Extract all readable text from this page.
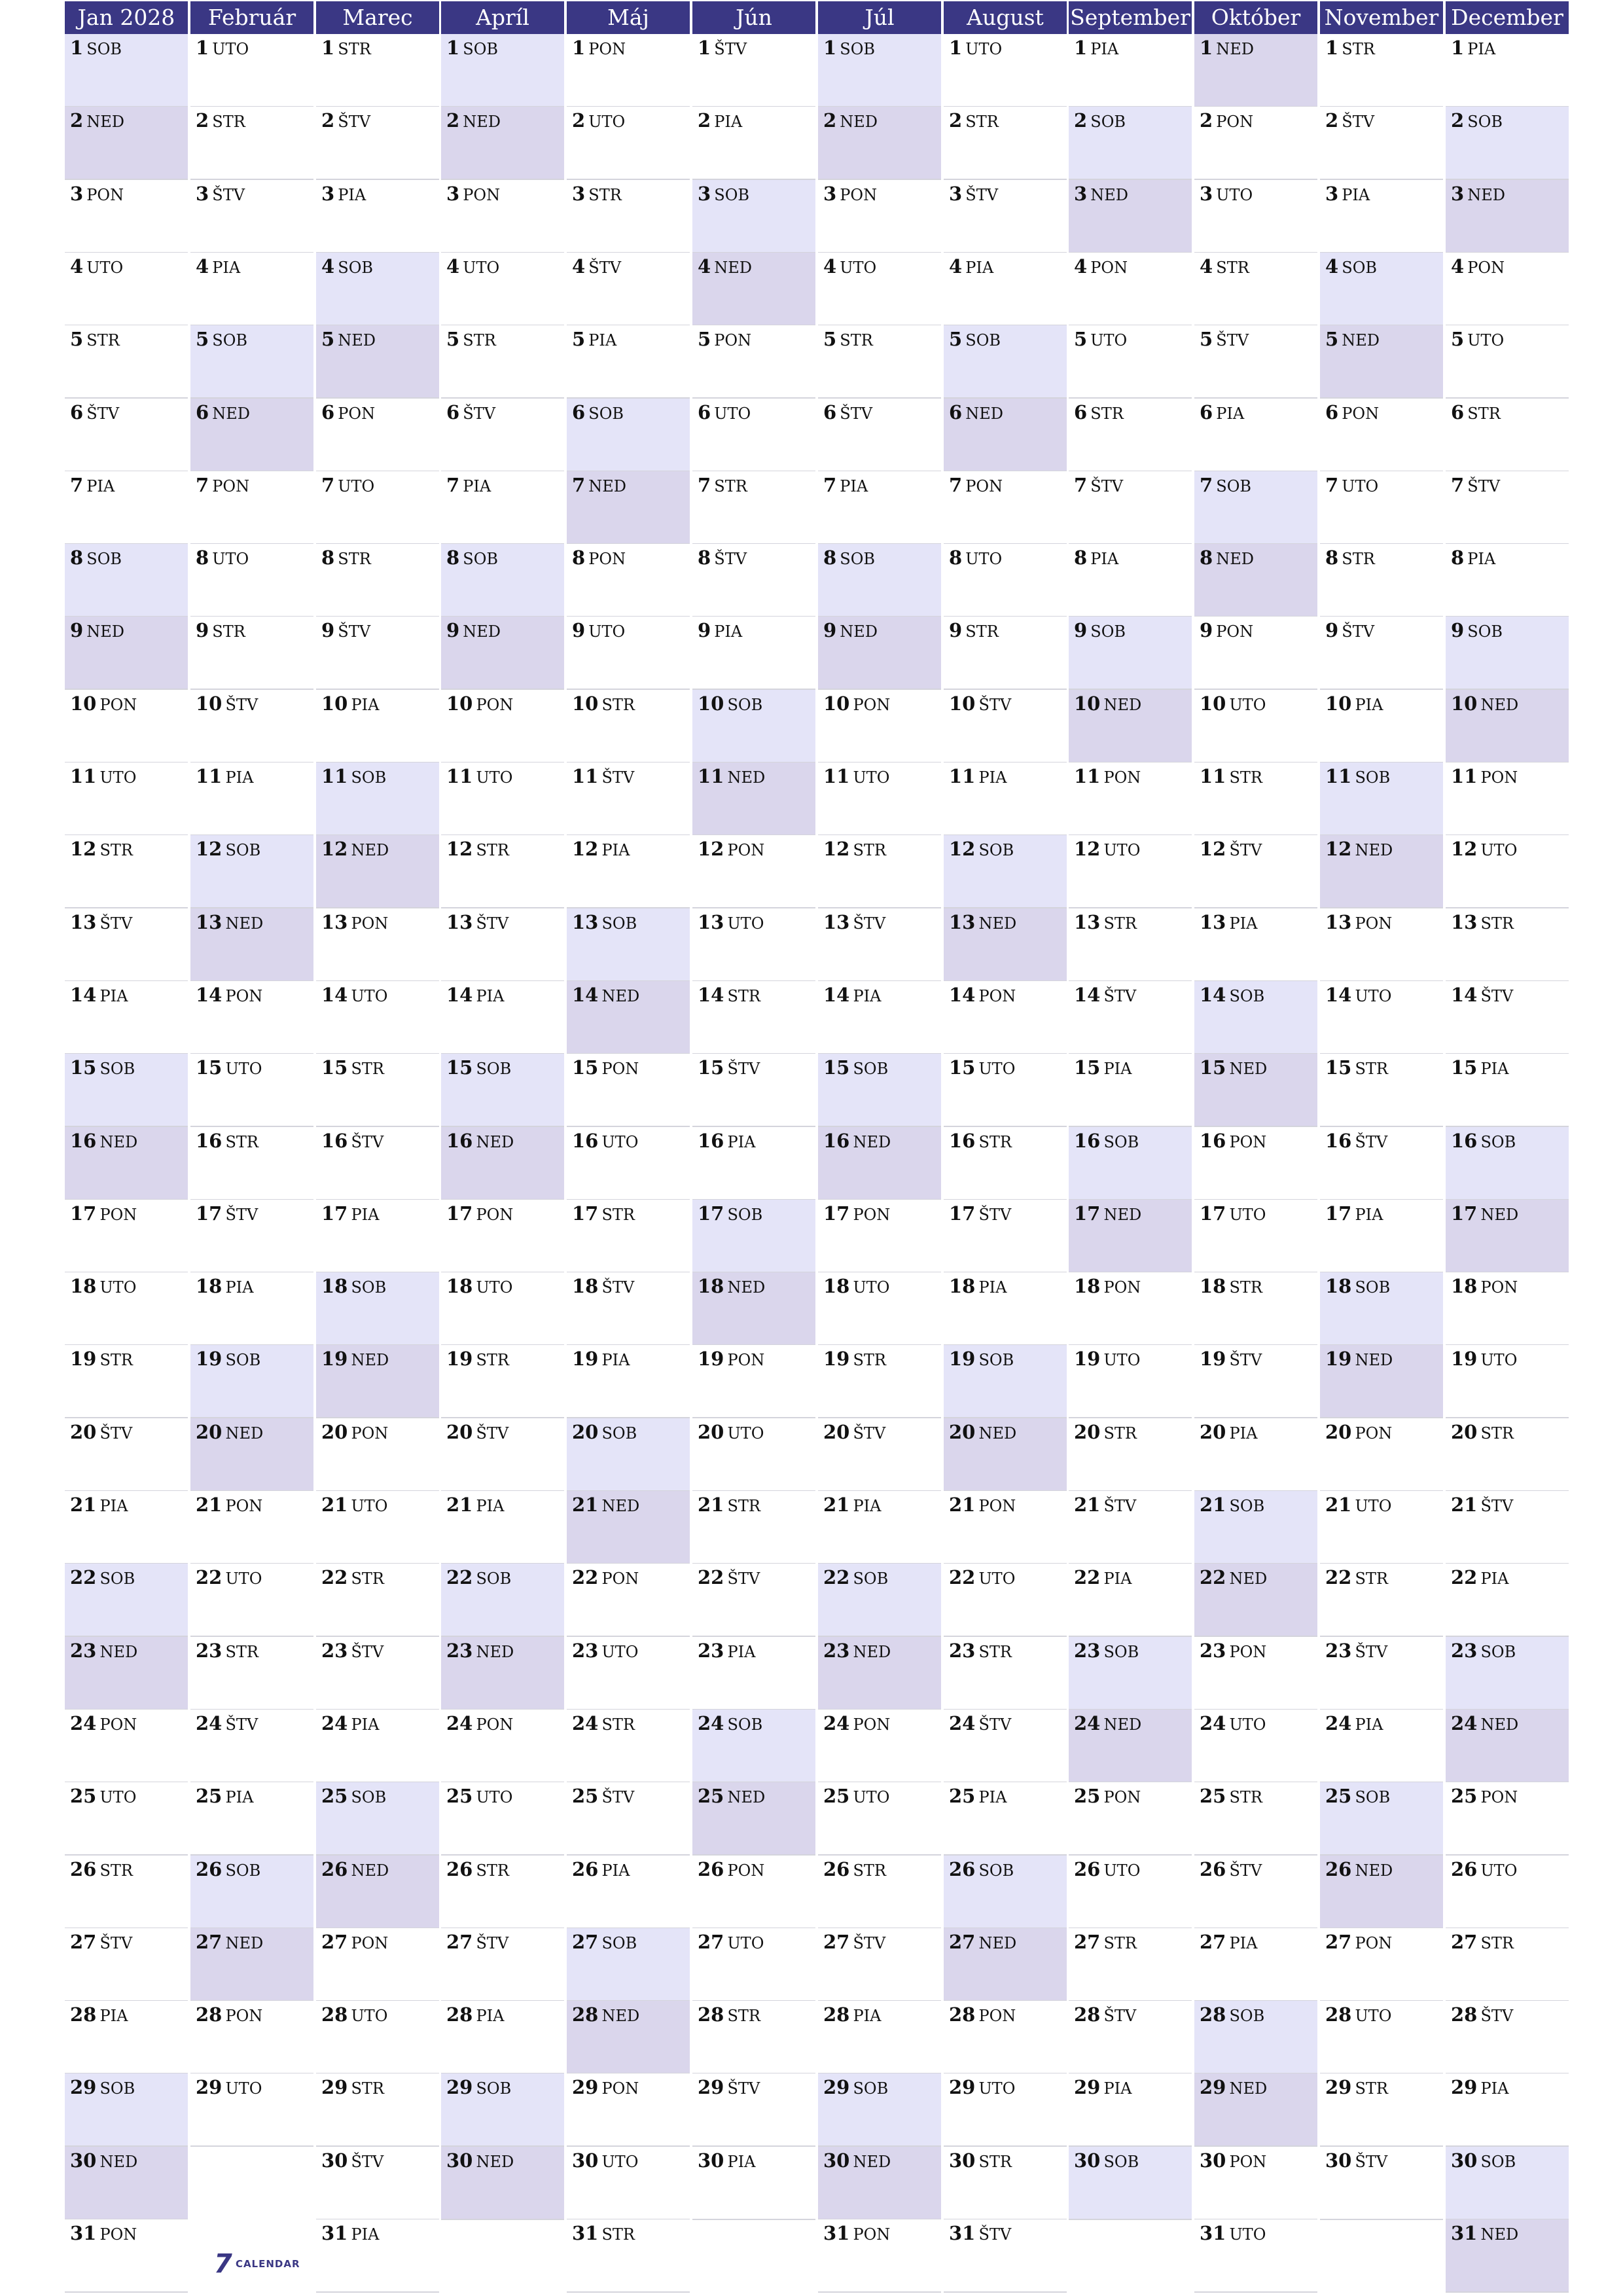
Jan 2028
1 SOB
2 NED
3 PON
4 UTO
5 STR
6 ŠTV
7 PIA
8 SOB
9 NED
10 PON
11 UTO
12 STR
13 ŠTV
14 PIA
15 SOB
16 NED
17 PON
18 UTO
19 STR
20 ŠTV
21 PIA
22 SOB
23 NED
24 PON
25 UTO
26 STR
27 ŠTV
28 PIA
29 SOB
30 NED
31 PON
Február
1 UTO
2 STR
3 ŠTV
4 PIA
5 SOB
6 NED
7 PON
8 UTO
9 STR
10 ŠTV
11 PIA
12 SOB
13 NED
14 PON
15 UTO
16 STR
17 ŠTV
18 PIA
19 SOB
20 NED
21 PON
22 UTO
23 STR
24 ŠTV
25 PIA
26 SOB
27 NED
28 PON
29 UTO
Marec
1 STR
2 ŠTV
3 PIA
4 SOB
5 NED
6 PON
7 UTO
8 STR
9 ŠTV
10 PIA
11 SOB
12 NED
13 PON
14 UTO
15 STR
16 ŠTV
17 PIA
18 SOB
19 NED
20 PON
21 UTO
22 STR
23 ŠTV
24 PIA
25 SOB
26 NED
27 PON
28 UTO
29 STR
30 ŠTV
31 PIA
Apríl
1 SOB
2 NED
3 PON
4 UTO
5 STR
6 ŠTV
7 PIA
8 SOB
9 NED
10 PON
11 UTO
12 STR
13 ŠTV
14 PIA
15 SOB
16 NED
17 PON
18 UTO
19 STR
20 ŠTV
21 PIA
22 SOB
23 NED
24 PON
25 UTO
26 STR
27 ŠTV
28 PIA
29 SOB
30 NED
Máj
1 PON
2 UTO
3 STR
4 ŠTV
5 PIA
6 SOB
7 NED
8 PON
9 UTO
10 STR
11 ŠTV
12 PIA
13 SOB
14 NED
15 PON
16 UTO
17 STR
18 ŠTV
19 PIA
20 SOB
21 NED
22 PON
23 UTO
24 STR
25 ŠTV
26 PIA
27 SOB
28 NED
29 PON
30 UTO
31 STR
Jún
1 ŠTV
2 PIA
3 SOB
4 NED
5 PON
6 UTO
7 STR
8 ŠTV
9 PIA
10 SOB
11 NED
12 PON
13 UTO
14 STR
15 ŠTV
16 PIA
17 SOB
18 NED
19 PON
20 UTO
21 STR
22 ŠTV
23 PIA
24 SOB
25 NED
26 PON
27 UTO
28 STR
29 ŠTV
30 PIA
Júl
1 SOB
2 NED
3 PON
4 UTO
5 STR
6 ŠTV
7 PIA
8 SOB
9 NED
10 PON
11 UTO
12 STR
13 ŠTV
14 PIA
15 SOB
16 NED
17 PON
18 UTO
19 STR
20 ŠTV
21 PIA
22 SOB
23 NED
24 PON
25 UTO
26 STR
27 ŠTV
28 PIA
29 SOB
30 NED
31 PON
August
1 UTO
2 STR
3 ŠTV
4 PIA
5 SOB
6 NED
7 PON
8 UTO
9 STR
10 ŠTV
11 PIA
12 SOB
13 NED
14 PON
15 UTO
16 STR
17 ŠTV
18 PIA
19 SOB
20 NED
21 PON
22 UTO
23 STR
24 ŠTV
25 PIA
26 SOB
27 NED
28 PON
29 UTO
30 STR
31 ŠTV
September
1 PIA
2 SOB
3 NED
4 PON
5 UTO
6 STR
7 ŠTV
8 PIA
9 SOB
10 NED
11 PON
12 UTO
13 STR
14 ŠTV
15 PIA
16 SOB
17 NED
18 PON
19 UTO
20 STR
21 ŠTV
22 PIA
23 SOB
24 NED
25 PON
26 UTO
27 STR
28 ŠTV
29 PIA
30 SOB
Október
1 NED
2 PON
3 UTO
4 STR
5 ŠTV
6 PIA
7 SOB
8 NED
9 PON
10 UTO
11 STR
12 ŠTV
13 PIA
14 SOB
15 NED
16 PON
17 UTO
18 STR
19 ŠTV
20 PIA
21 SOB
22 NED
23 PON
24 UTO
25 STR
26 ŠTV
27 PIA
28 SOB
29 NED
30 PON
31 UTO
November
1 STR
2 ŠTV
3 PIA
4 SOB
5 NED
6 PON
7 UTO
8 STR
9 ŠTV
10 PIA
11 SOB
12 NED
13 PON
14 UTO
15 STR
16 ŠTV
17 PIA
18 SOB
19 NED
20 PON
21 UTO
22 STR
23 ŠTV
24 PIA
25 SOB
26 NED
27 PON
28 UTO
29 STR
30 ŠTV
December
1 PIA
2 SOB
3 NED
4 PON
5 UTO
6 STR
7 ŠTV
8 PIA
9 SOB
10 NED
11 PON
12 UTO
13 STR
14 ŠTV
15 PIA
16 SOB
17 NED
18 PON
19 UTO
20 STR
21 ŠTV
22 PIA
23 SOB
24 NED
25 PON
26 UTO
27 STR
28 ŠTV
29 PIA
30 SOB
31 NED
7 CALENDAR
